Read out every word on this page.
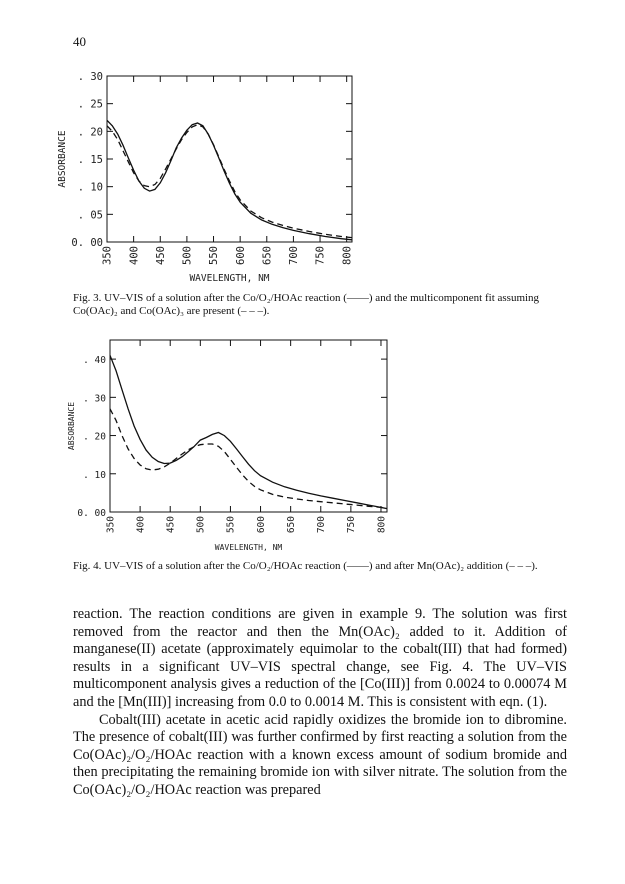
40
0. 00
. 05
. 10
. 15
. 20
. 25
. 30
350 400 450 500 550 600 650 700 750 800
WAVELENGTH, NM
ABSORBANCE
Fig. 3. UV–VIS of a solution after the Co/O₂/HOAc reaction (——) and the multicomponent fit assuming Co(OAc)₂ and Co(OAc)₃ are present (– – –).
0. 00
. 10
. 20
. 30
. 40
350 400 450 500 550 600 650 700 750 800
WAVELENGTH, NM
ABSORBANCE
Fig. 4. UV–VIS of a solution after the Co/O₂/HOAc reaction (——) and after Mn(OAc)₂ addition (– – –).

reaction. The reaction conditions are given in example 9. The solution was first removed from the reactor and then the Mn(OAc)₂ added to it. Addition of manganese(II) acetate (approximately equimolar to the cobalt(III) that had formed) results in a significant UV–VIS spectral change, see Fig. 4. The UV–VIS multicomponent analysis gives a reduction of the [Co(III)] from 0.0024 to 0.00074 M and the [Mn(III)] increasing from 0.0 to 0.0014 M. This is consistent with eqn. (1).

Cobalt(III) acetate in acetic acid rapidly oxidizes the bromide ion to dibromine. The presence of cobalt(III) was further confirmed by first reacting a solution from the Co(OAc)₂/O₂/HOAc reaction with a known excess amount of sodium bromide and then precipitating the remaining bromide ion with silver nitrate. The solution from the Co(OAc)₂/O₂/HOAc reaction was prepared
